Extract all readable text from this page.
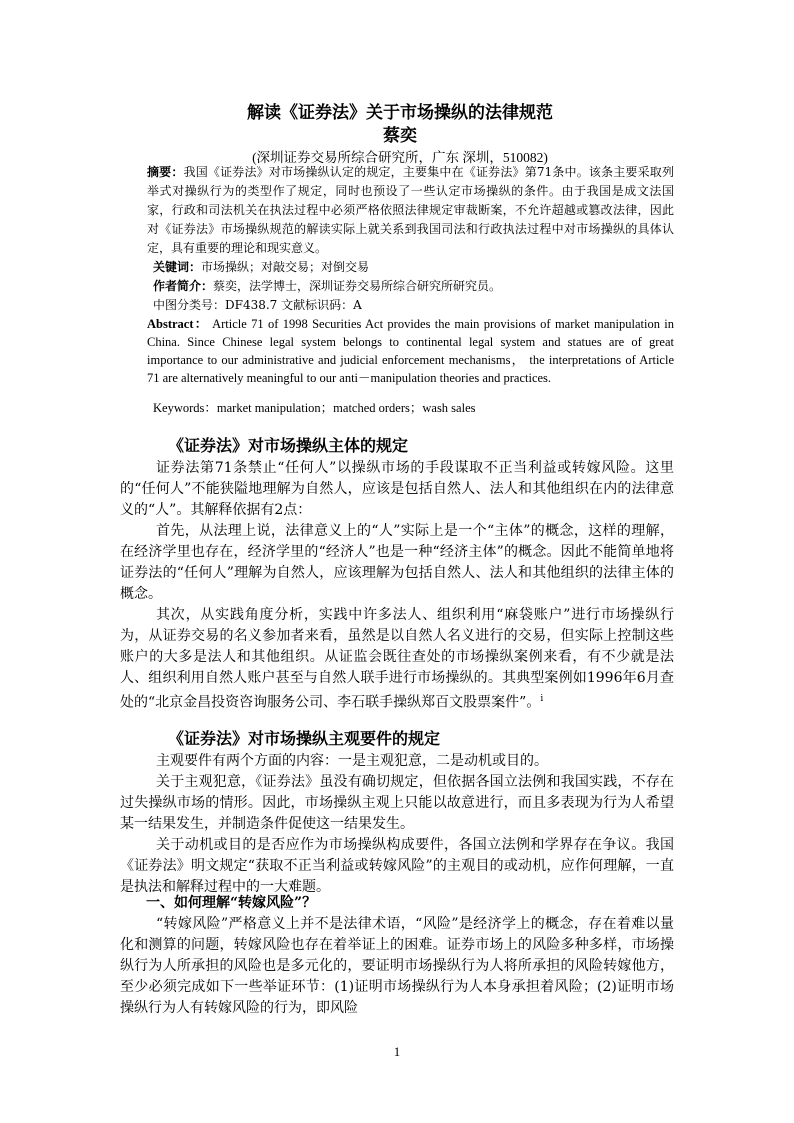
解读《证券法》关于市场操纵的法律规范
蔡奕
(深圳证券交易所综合研究所，广东 深圳，510082)
摘要：我国《证券法》对市场操纵认定的规定，主要集中在《证券法》第71条中。该条主要采取列举式对操纵行为的类型作了规定，同时也预设了一些认定市场操纵的条件。由于我国是成文法国家，行政和司法机关在执法过程中必须严格依照法律规定审裁断案，不允许超越或篡改法律，因此对《证券法》市场操纵规范的解读实际上就关系到我国司法和行政执法过程中对市场操纵的具体认定，具有重要的理论和现实意义。
关键词：市场操纵；对敲交易；对倒交易
作者简介：蔡奕，法学博士，深圳证券交易所综合研究所研究员。
中图分类号：DF438.7 文献标识码：A
Abstract： Article 71 of 1998 Securities Act provides the main provisions of market manipulation in China. Since Chinese legal system belongs to continental legal system and statues are of great importance to our administrative and judicial enforcement mechanisms， the interpretations of Article 71 are alternatively meaningful to our anti－manipulation theories and practices.
Keywords：market manipulation；matched orders；wash sales
《证券法》对市场操纵主体的规定
证券法第71条禁止“任何人”以操纵市场的手段谋取不正当利益或转嫁风险。这里的“任何人”不能狭隘地理解为自然人，应该是包括自然人、法人和其他组织在内的法律意义的“人”。其解释依据有2点：
首先，从法理上说，法律意义上的“人”实际上是一个“主体”的概念，这样的理解，在经济学里也存在，经济学里的“经济人”也是一种“经济主体”的概念。因此不能简单地将证券法的“任何人”理解为自然人，应该理解为包括自然人、法人和其他组织的法律主体的概念。
其次，从实践角度分析，实践中许多法人、组织利用“麻袋账户”进行市场操纵行为，从证券交易的名义参加者来看，虽然是以自然人名义进行的交易，但实际上控制这些账户的大多是法人和其他组织。从证监会既往查处的市场操纵案例来看，有不少就是法人、组织利用自然人账户甚至与自然人联手进行市场操纵的。其典型案例如1996年6月查处的“北京金昌投资咨询服务公司、李石联手操纵郑百文股票案件”。$^i$
《证券法》对市场操纵主观要件的规定
主观要件有两个方面的内容：一是主观犯意，二是动机或目的。
关于主观犯意，《证券法》虽没有确切规定，但依据各国立法例和我国实践，不存在过失操纵市场的情形。因此，市场操纵主观上只能以故意进行，而且多表现为行为人希望某一结果发生，并制造条件促使这一结果发生。
关于动机或目的是否应作为市场操纵构成要件，各国立法例和学界存在争议。我国《证券法》明文规定“获取不正当利益或转嫁风险”的主观目的或动机，应作何理解，一直是执法和解释过程中的一大难题。
一、如何理解“转嫁风险”？
“转嫁风险”严格意义上并不是法律术语，“风险”是经济学上的概念，存在着难以量化和测算的问题，转嫁风险也存在着举证上的困难。证券市场上的风险多种多样，市场操纵行为人所承担的风险也是多元化的，要证明市场操纵行为人将所承担的风险转嫁他方，至少必须完成如下一些举证环节：(1)证明市场操纵行为人本身承担着风险；(2)证明市场操纵行为人有转嫁风险的行为，即风险
1
